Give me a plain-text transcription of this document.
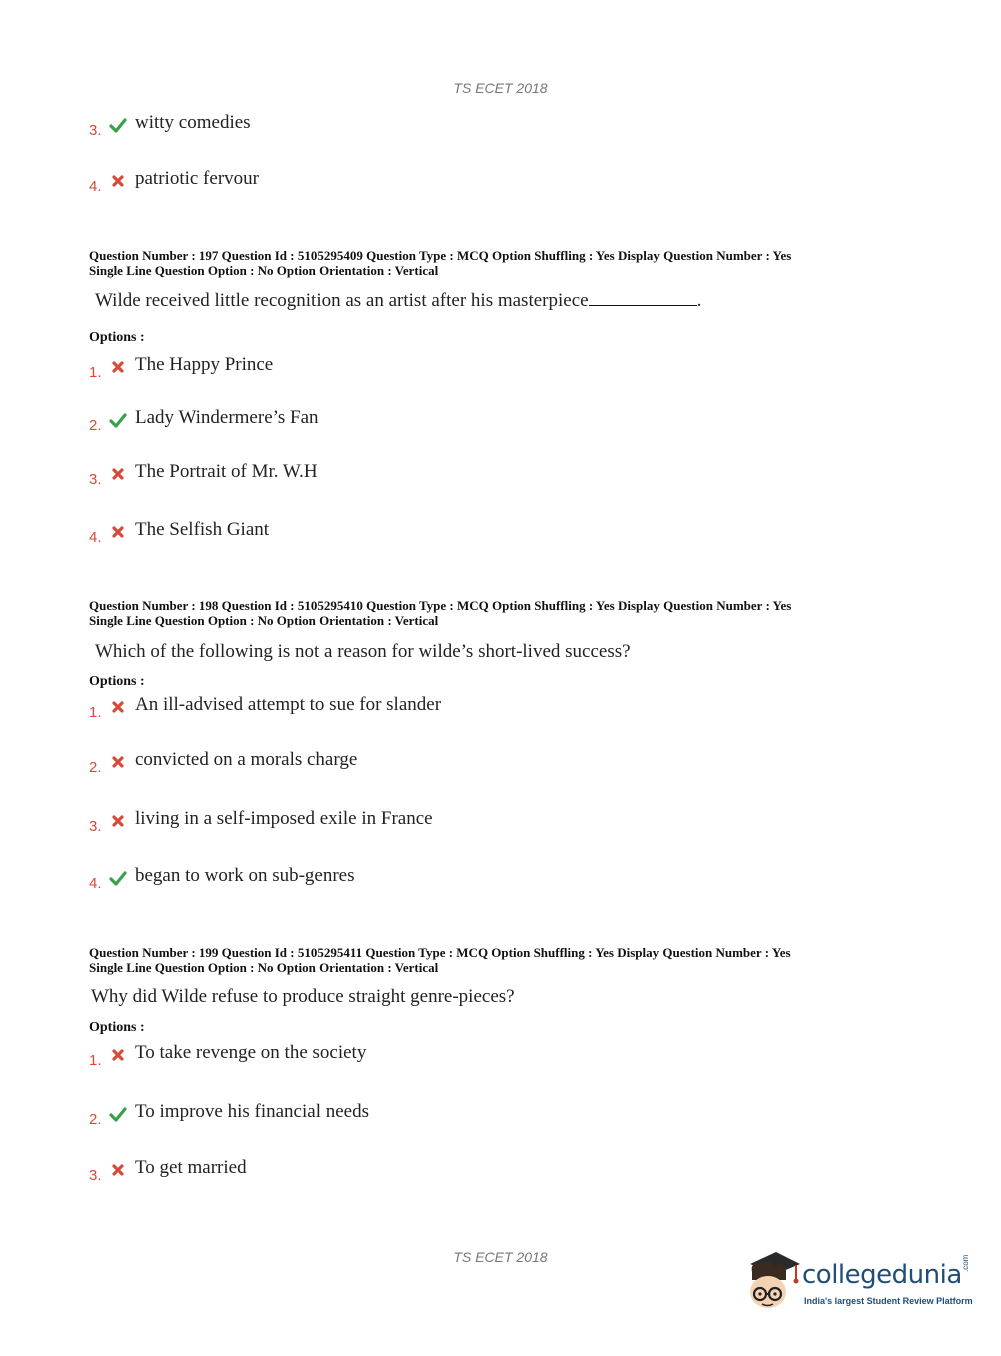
TS ECET 2018
3. witty comedies
4. patriotic fervour
Question Number : 197 Question Id : 5105295409 Question Type : MCQ Option Shuffling : Yes Display Question Number : Yes
Single Line Question Option : No Option Orientation : Vertical
Wilde received little recognition as an artist after his masterpiece	.
Options :
1. The Happy Prince
2. Lady Windermere’s Fan
3. The Portrait of Mr. W.H
4. The Selfish Giant
Question Number : 198 Question Id : 5105295410 Question Type : MCQ Option Shuffling : Yes Display Question Number : Yes
Single Line Question Option : No Option Orientation : Vertical
Which of the following is not a reason for wilde’s short-lived success?
Options :
1. An ill-advised attempt to sue for slander
2. convicted on a morals charge
3. living in a self-imposed exile in France
4. began to work on sub-genres
Question Number : 199 Question Id : 5105295411 Question Type : MCQ Option Shuffling : Yes Display Question Number : Yes
Single Line Question Option : No Option Orientation : Vertical
Why did Wilde refuse to produce straight genre-pieces?
Options :
1. To take revenge on the society
2. To improve his financial needs
3. To get married
TS ECET 2018
collegedunia .com
India's largest Student Review Platform
